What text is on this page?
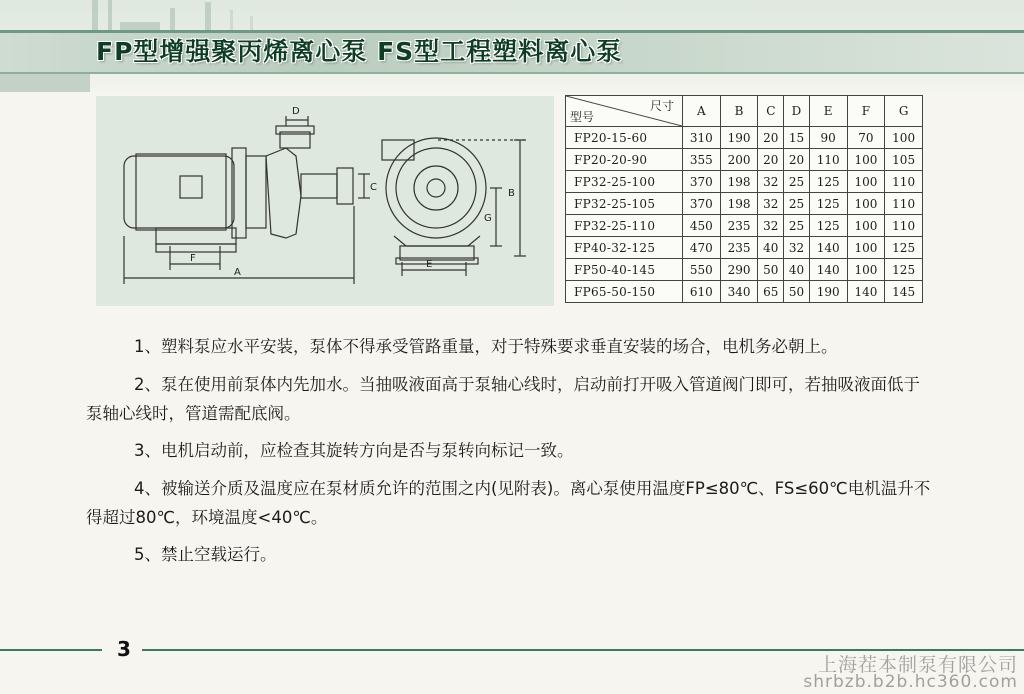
FP型增强聚丙烯离心泵 FS型工程塑料离心泵
D
C
F
A
E
G
B
尺寸
型号	A	B	C	D	E	F	G
FP20-15-60	310	190	20	15	90	70	100
FP20-20-90	355	200	20	20	110	100	105
FP32-25-100	370	198	32	25	125	100	110
FP32-25-105	370	198	32	25	125	100	110
FP32-25-110	450	235	32	25	125	100	110
FP40-32-125	470	235	40	32	140	100	125
FP50-40-145	550	290	50	40	140	100	125
FP65-50-150	610	340	65	50	190	140	145

1、塑料泵应水平安装，泵体不得承受管路重量，对于特殊要求垂直安装的场合，电机务必朝上。

2、泵在使用前泵体内先加水。当抽吸液面高于泵轴心线时，启动前打开吸入管道阀门即可，若抽吸液面低于泵轴心线时，管道需配底阀。

3、电机启动前，应检查其旋转方向是否与泵转向标记一致。

4、被输送介质及温度应在泵材质允许的范围之内(见附表)。离心泵使用温度FP≤80℃、FS≤60℃电机温升不得超过80℃，环境温度<40℃。

5、禁止空载运行。

3
上海茬本制泵有限公司
shrbzb.b2b.hc360.com
